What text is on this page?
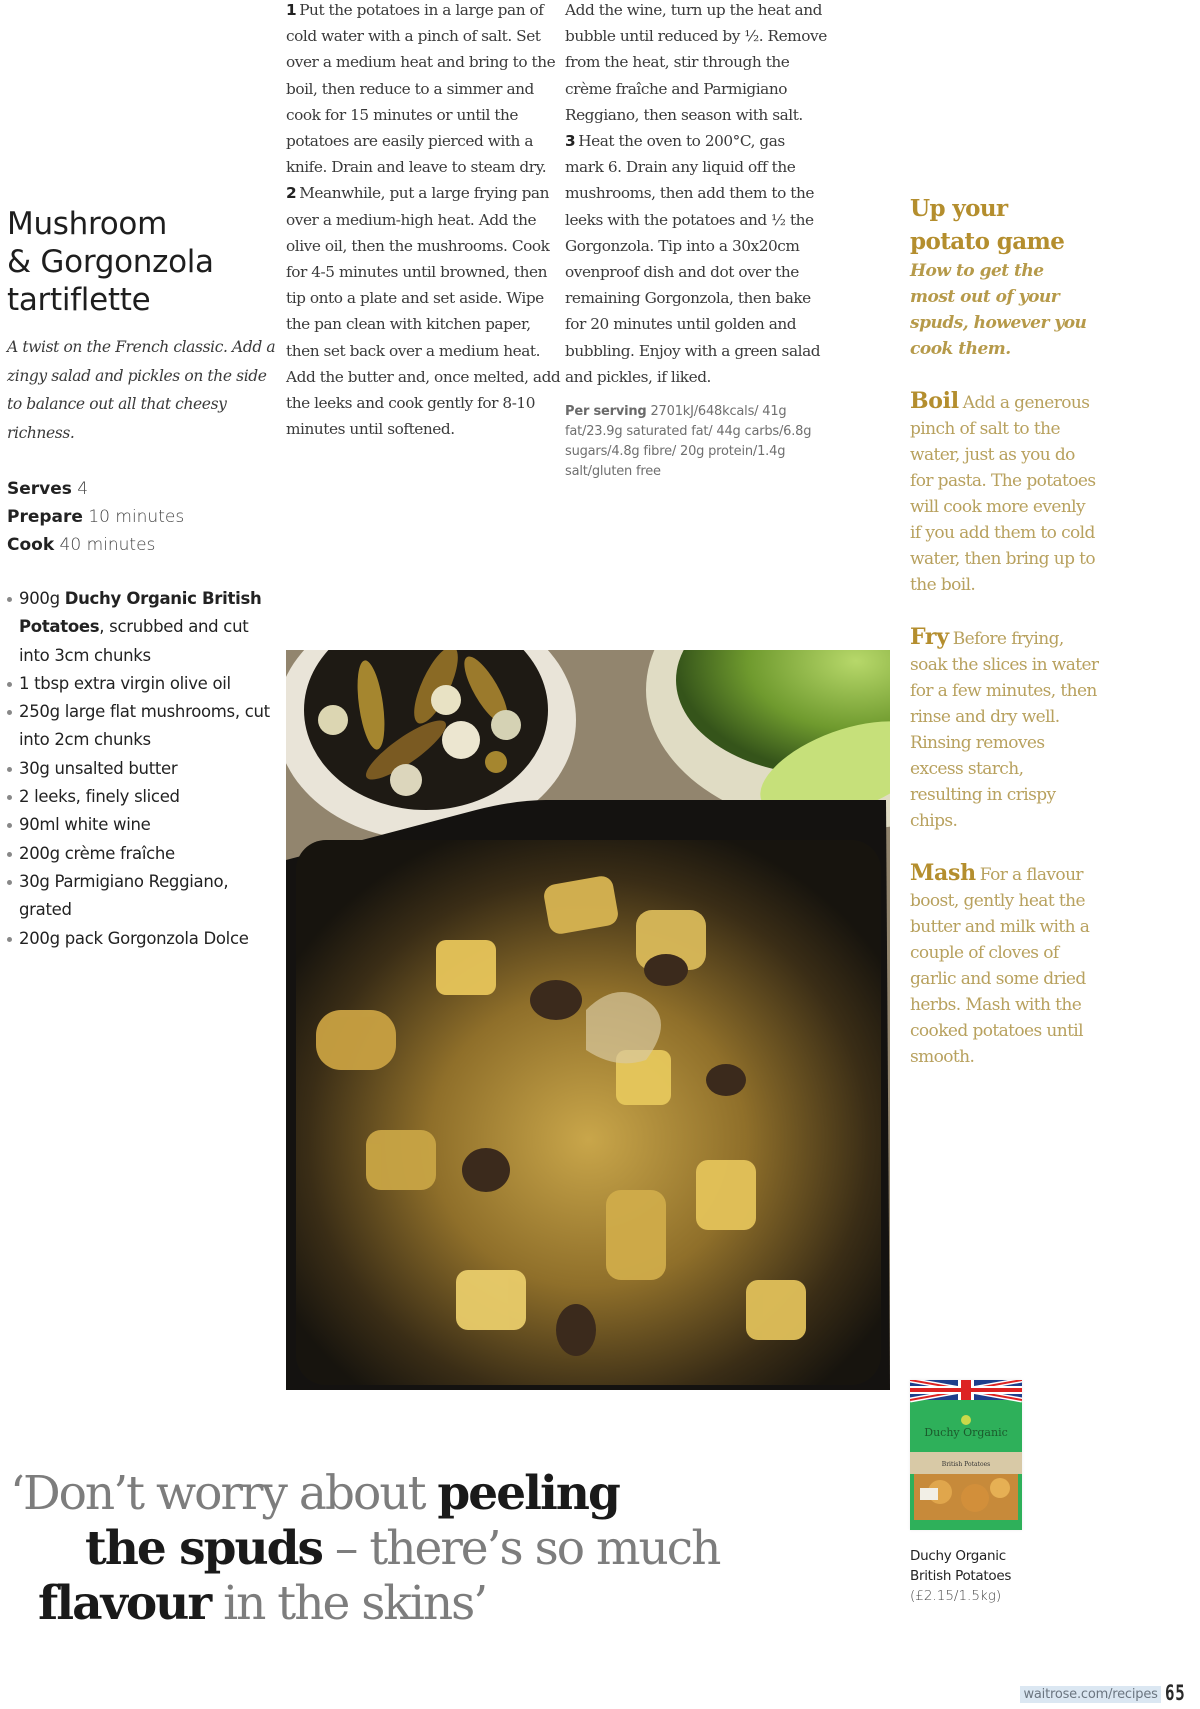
Mushroom
& Gorgonzola
tartiflette

A twist on the French classic. Add a zingy salad and pickles on the side to balance out all that cheesy richness.

Serves 4
Prepare 10 minutes
Cook 40 minutes
900g Duchy Organic British Potatoes, scrubbed and cut into 3cm chunks
1 tbsp extra virgin olive oil
250g large flat mushrooms, cut into 2cm chunks
30g unsalted butter
2 leeks, finely sliced
90ml white wine
200g crème fraîche
30g Parmigiano Reggiano, grated
200g pack Gorgonzola Dolce

1 Put the potatoes in a large pan of cold water with a pinch of salt. Set over a medium heat and bring to the boil, then reduce to a simmer and cook for 15 minutes or until the potatoes are easily pierced with a knife. Drain and leave to steam dry.

2 Meanwhile, put a large frying pan over a medium-high heat. Add the olive oil, then the mushrooms. Cook for 4-5 minutes until browned, then tip onto a plate and set aside. Wipe the pan clean with kitchen paper, then set back over a medium heat. Add the butter and, once melted, add the leeks and cook gently for 8-10 minutes until softened.

Add the wine, turn up the heat and bubble until reduced by ½. Remove from the heat, stir through the crème fraîche and Parmigiano Reggiano, then season with salt.

3 Heat the oven to 200°C, gas mark 6. Drain any liquid off the mushrooms, then add them to the leeks with the potatoes and ½ the Gorgonzola. Tip into a 30x20cm ovenproof dish and dot over the remaining Gorgonzola, then bake for 20 minutes until golden and bubbling. Enjoy with a green salad and pickles, if liked.

Per serving 2701kJ/648kcals/ 41g fat/23.9g saturated fat/ 44g carbs/6.8g sugars/4.8g fibre/ 20g protein/1.4g salt/gluten free

Up your potato game

How to get the most out of your spuds, however you cook them.

Boil Add a generous pinch of salt to the water, just as you do for pasta. The potatoes will cook more evenly if you add them to cold water, then bring up to the boil.

Fry Before frying, soak the slices in water for a few minutes, then rinse and dry well. Rinsing removes excess starch, resulting in crispy chips.

Mash For a flavour boost, gently heat the butter and milk with a couple of cloves of garlic and some dried herbs. Mash with the cooked potatoes until smooth.

Duchy Organic
British Potatoes
Duchy Organic
British Potatoes
(£2.15/1.5kg)
‘Don’t worry about peeling
the spuds – there’s so much
flavour in the skins’
waitrose.com/recipes 65
